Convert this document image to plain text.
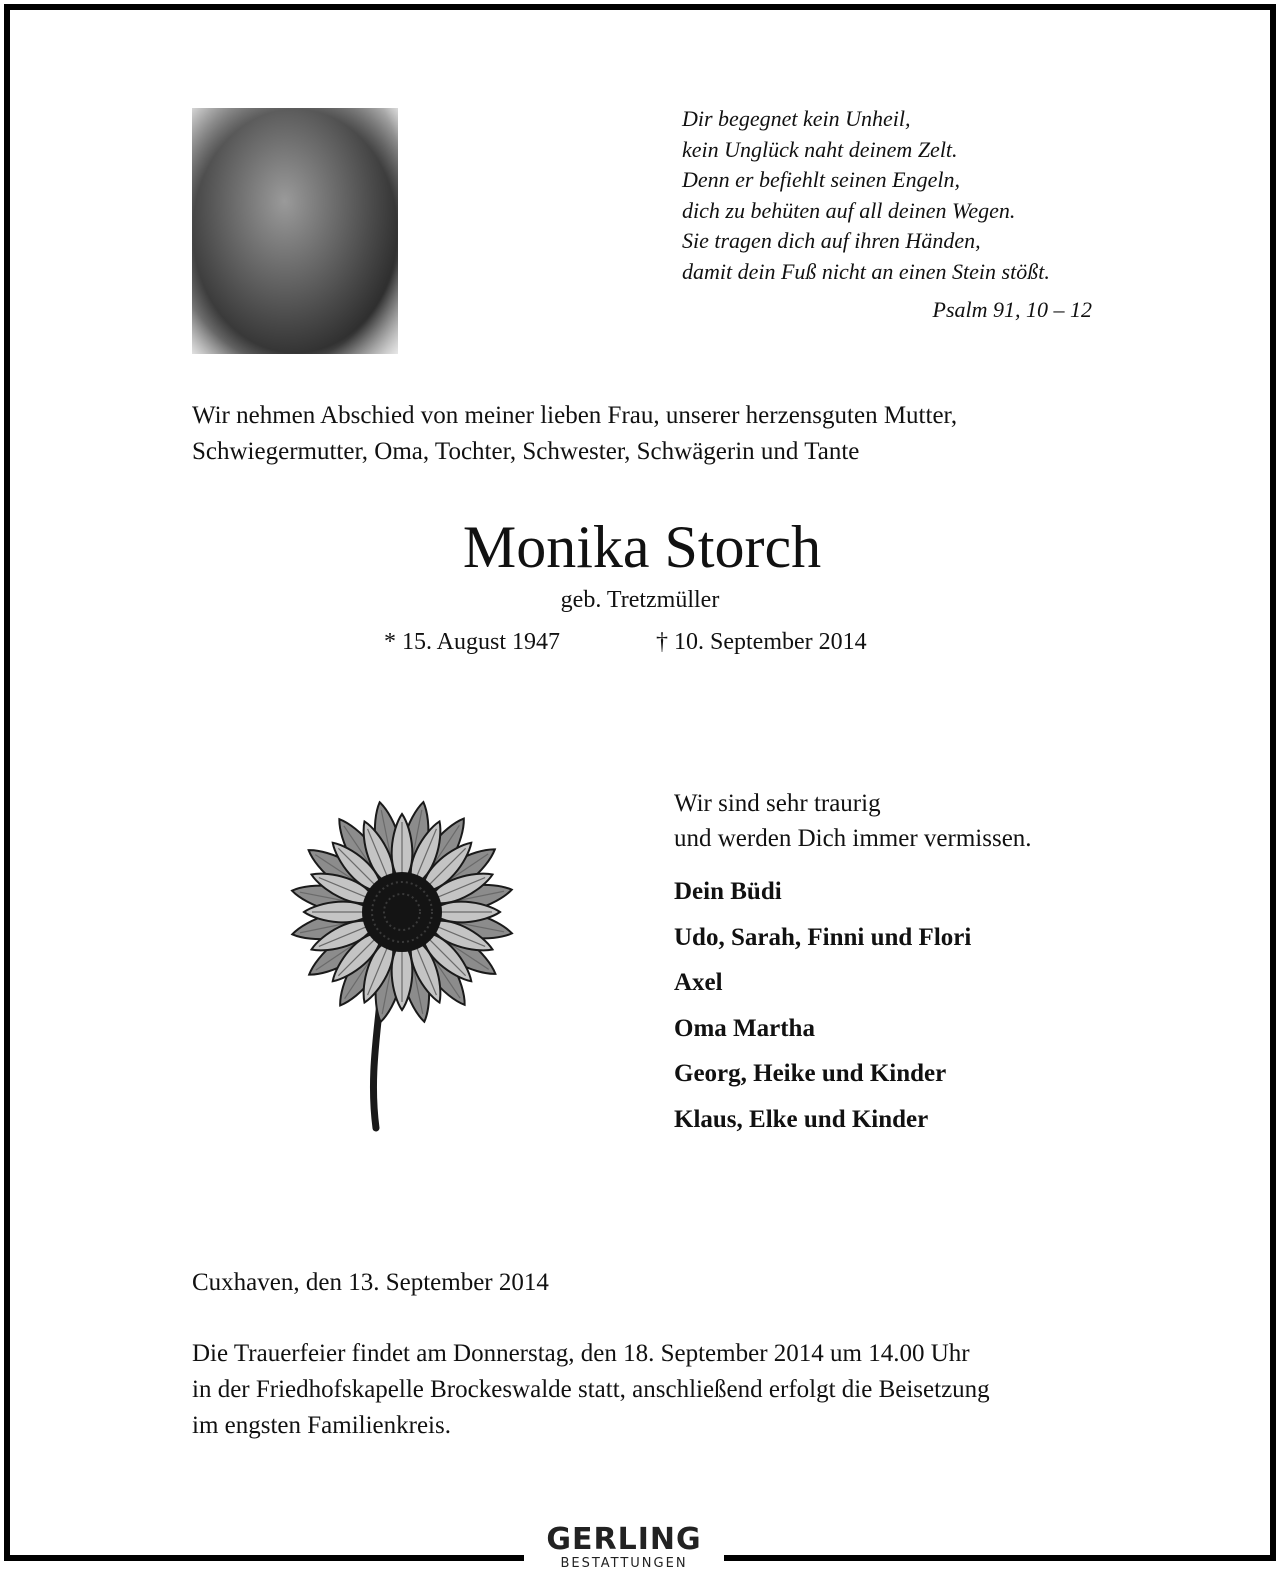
Dir begegnet kein Unheil,
kein Unglück naht deinem Zelt.
Denn er befiehlt seinen Engeln,
dich zu behüten auf all deinen Wegen.
Sie tragen dich auf ihren Händen,
damit dein Fuß nicht an einen Stein stößt.
Psalm 91, 10 – 12
Wir nehmen Abschied von meiner lieben Frau, unserer herzensguten Mutter,
Schwiegermutter, Oma, Tochter, Schwester, Schwägerin und Tante
Monika Storch
geb. Tretzmüller
* 15. August 1947	† 10. September 2014
Wir sind sehr traurig
und werden Dich immer vermissen.
Dein Büdi
Udo, Sarah, Finni und Flori
Axel
Oma Martha
Georg, Heike und Kinder
Klaus, Elke und Kinder
Cuxhaven, den 13. September 2014
Die Trauerfeier findet am Donnerstag, den 18. September 2014 um 14.00 Uhr
in der Friedhofskapelle Brockeswalde statt, anschließend erfolgt die Beisetzung
im engsten Familienkreis.
GERLING
BESTATTUNGEN
